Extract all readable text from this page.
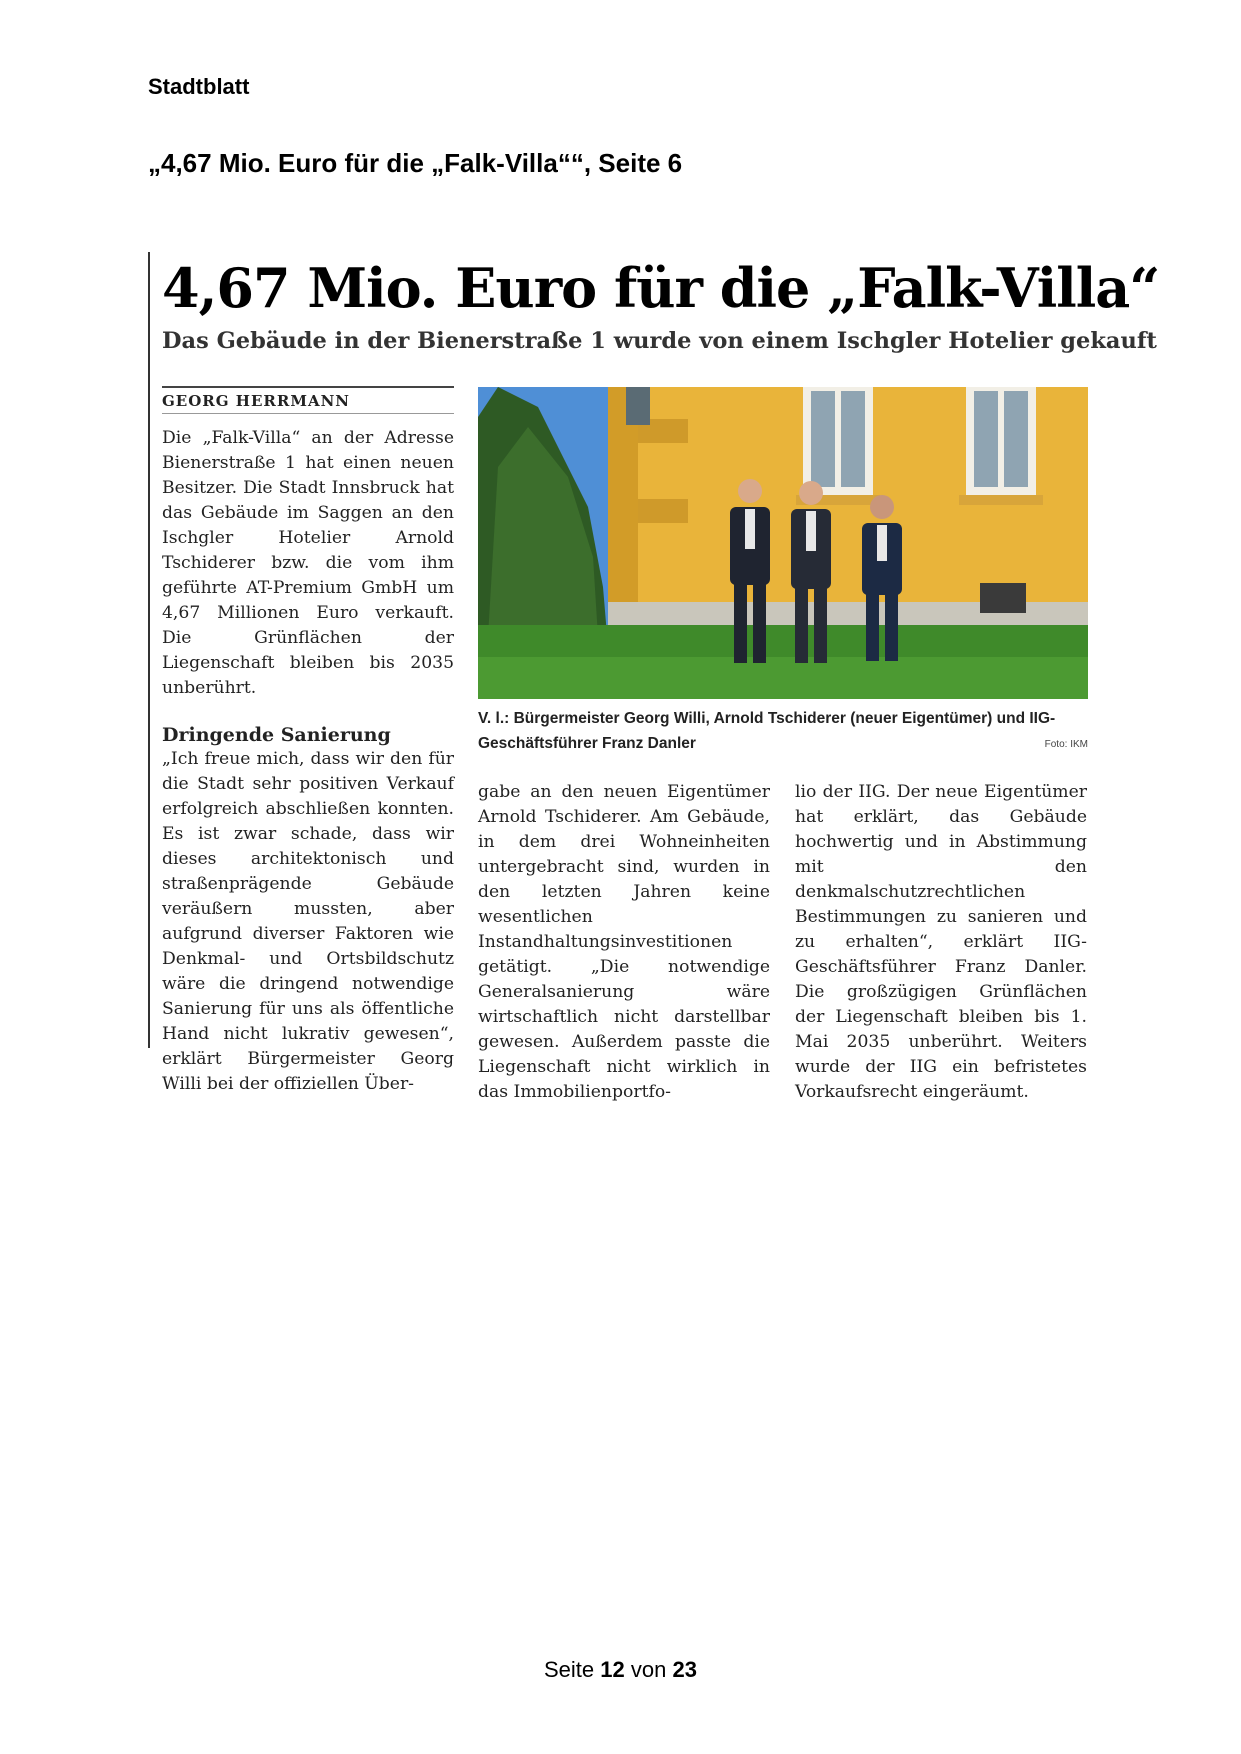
Stadtblatt
„4,67 Mio. Euro für die „Falk-Villa““, Seite 6
4,67 Mio. Euro für die „Falk-Villa“
Das Gebäude in der Bienerstraße 1 wurde von einem Ischgler Hotelier gekauft
GEORG HERRMANN

Die „Falk-Villa“ an der Adresse Bienerstraße 1 hat einen neuen Besitzer. Die Stadt Innsbruck hat das Gebäude im Saggen an den Ischgler Hotelier Arnold Tschiderer bzw. die vom ihm geführte AT-Premium GmbH um 4,67 Millionen Euro verkauft. Die Grünflächen der Liegenschaft bleiben bis 2035 unberührt.

Dringende Sanierung

„Ich freue mich, dass wir den für die Stadt sehr positiven Verkauf erfolgreich abschließen konnten. Es ist zwar schade, dass wir dieses architektonisch und straßenprägende Gebäude veräußern mussten, aber aufgrund diverser Faktoren wie Denkmal- und Ortsbildschutz wäre die dringend notwendige Sanierung für uns als öffentliche Hand nicht lukrativ gewesen“, erklärt Bürgermeister Georg Willi bei der offiziellen Über-

V. l.: Bürgermeister Georg Willi, Arnold Tschiderer (neuer Eigentümer) und IIG-Geschäftsführer Franz Danler	Foto: IKM

gabe an den neuen Eigentümer Arnold Tschiderer. Am Gebäude, in dem drei Wohneinheiten untergebracht sind, wurden in den letzten Jahren keine wesentlichen Instandhaltungsinvestitionen getätigt. „Die notwendige Generalsanierung wäre wirtschaftlich nicht darstellbar gewesen. Außerdem passte die Liegenschaft nicht wirklich in das Immobilienportfo-

lio der IIG. Der neue Eigentümer hat erklärt, das Gebäude hochwertig und in Abstimmung mit den denkmalschutzrechtlichen Bestimmungen zu sanieren und zu erhalten“, erklärt IIG-Geschäftsführer Franz Danler. Die großzügigen Grünflächen der Liegenschaft bleiben bis 1. Mai 2035 unberührt. Weiters wurde der IIG ein befristetes Vorkaufsrecht eingeräumt.

Seite 12 von 23
